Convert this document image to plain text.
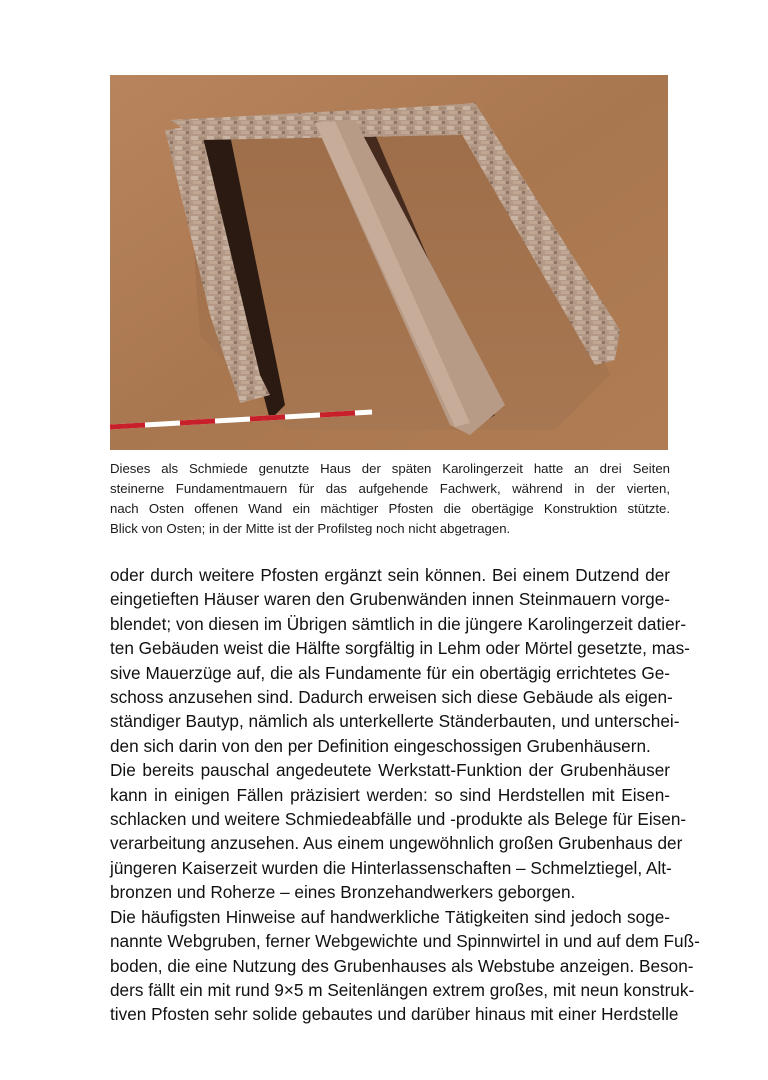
Dieses als Schmiede genutzte Haus der späten Karolingerzeit hatte an drei Seiten
steinerne Fundamentmauern für das aufgehende Fachwerk, während in der vierten,
nach Osten offenen Wand ein mächtiger Pfosten die obertägige Konstruktion stützte.
Blick von Osten; in der Mitte ist der Profilsteg noch nicht abgetragen.

oder durch weitere Pfosten ergänzt sein können. Bei einem Dutzend der
eingetieften Häuser waren den Grubenwänden innen Steinmauern vorge-
blendet; von diesen im Übrigen sämtlich in die jüngere Karolingerzeit datier-
ten Gebäuden weist die Hälfte sorgfältig in Lehm oder Mörtel gesetzte, mas-
sive Mauerzüge auf, die als Fundamente für ein obertägig errichtetes Ge-
schoss anzusehen sind. Dadurch erweisen sich diese Gebäude als eigen-
ständiger Bautyp, nämlich als unterkellerte Ständerbauten, und unterschei-
den sich darin von den per Definition eingeschossigen Grubenhäusern.

Die bereits pauschal angedeutete Werkstatt-Funktion der Grubenhäuser
kann in einigen Fällen präzisiert werden: so sind Herdstellen mit Eisen-
schlacken und weitere Schmiedeabfälle und -produkte als Belege für Eisen-
verarbeitung anzusehen. Aus einem ungewöhnlich großen Grubenhaus der
jüngeren Kaiserzeit wurden die Hinterlassenschaften – Schmelztiegel, Alt-
bronzen und Roherze – eines Bronzehandwerkers geborgen.

Die häufigsten Hinweise auf handwerkliche Tätigkeiten sind jedoch soge-
nannte Webgruben, ferner Webgewichte und Spinnwirtel in und auf dem Fuß-
boden, die eine Nutzung des Grubenhauses als Webstube anzeigen. Beson-
ders fällt ein mit rund 9×5 m Seitenlängen extrem großes, mit neun konstruk-
tiven Pfosten sehr solide gebautes und darüber hinaus mit einer Herdstelle
